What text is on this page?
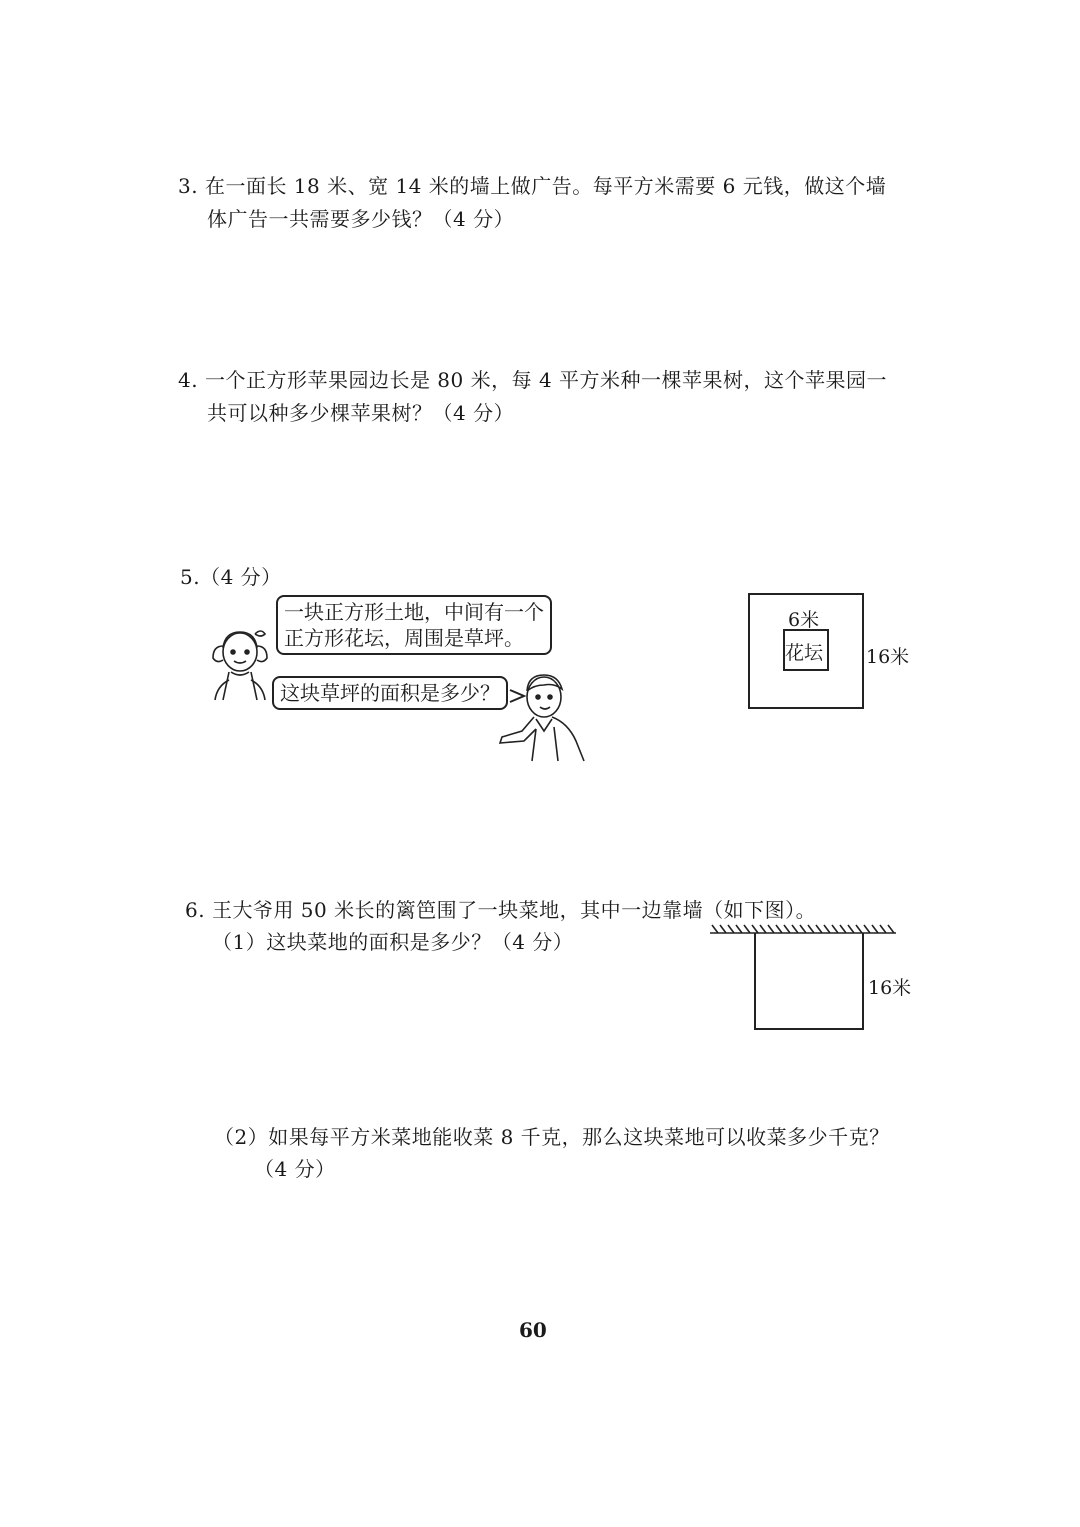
3. 在一面长 18 米、宽 14 米的墙上做广告。每平方米需要 6 元钱，做这个墙
体广告一共需要多少钱？（4 分）
4. 一个正方形苹果园边长是 80 米，每 4 平方米种一棵苹果树，这个苹果园一
共可以种多少棵苹果树？（4 分）
5.（4 分）
一块正方形土地，中间有一个
正方形花坛，周围是草坪。
这块草坪的面积是多少？
6米
花坛 16米
6. 王大爷用 50 米长的篱笆围了一块菜地，其中一边靠墙（如下图）。
（1）这块菜地的面积是多少？（4 分）
16米
（2）如果每平方米菜地能收菜 8 千克，那么这块菜地可以收菜多少千克？
（4 分）
60
